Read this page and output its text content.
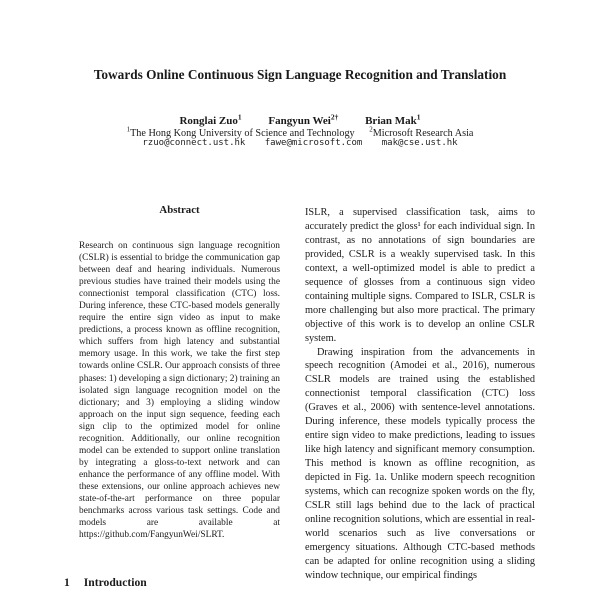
Towards Online Continuous Sign Language Recognition and Translation
Ronglai Zuo$^1$ Fangyun Wei$^{2\dagger}$ Brian Mak$^1$
$^1$The Hong Kong University of Science and Technology $^2$Microsoft Research Asia
rzuo@connect.ust.hk fawe@microsoft.com mak@cse.ust.hk
Abstract
Research on continuous sign language recognition (CSLR) is essential to bridge the communication gap between deaf and hearing individuals. Numerous previous studies have trained their models using the connectionist temporal classification (CTC) loss. During inference, these CTC-based models generally require the entire sign video as input to make predictions, a process known as offline recognition, which suffers from high latency and substantial memory usage. In this work, we take the first step towards online CSLR. Our approach consists of three phases: 1) developing a sign dictionary; 2) training an isolated sign language recognition model on the dictionary; and 3) employing a sliding window approach on the input sign sequence, feeding each sign clip to the optimized model for online recognition. Additionally, our online recognition model can be extended to support online translation by integrating a gloss-to-text network and can enhance the performance of any offline model. With these extensions, our online approach achieves new state-of-the-art performance on three popular benchmarks across various task settings. Code and models are available at https://github.com/FangyunWei/SLRT.
1 Introduction

ISLR, a supervised classification task, aims to accurately predict the gloss¹ for each individual sign. In contrast, as no annotations of sign boundaries are provided, CSLR is a weakly supervised task. In this context, a well-optimized model is able to predict a sequence of glosses from a continuous sign video containing multiple signs. Compared to ISLR, CSLR is more challenging but also more practical. The primary objective of this work is to develop an online CSLR system.

Drawing inspiration from the advancements in speech recognition (Amodei et al., 2016), numerous CSLR models are trained using the established connectionist temporal classification (CTC) loss (Graves et al., 2006) with sentence-level annotations. During inference, these models typically process the entire sign video to make predictions, leading to issues like high latency and significant memory consumption. This method is known as offline recognition, as depicted in Fig. 1a. Unlike modern speech recognition systems, which can recognize spoken words on the fly, CSLR still lags behind due to the lack of practical online recognition solutions, which are essential in real-world scenarios such as live conversations or emergency situations. Although CTC-based methods can be adapted for online recognition using a sliding window technique, our empirical findings
